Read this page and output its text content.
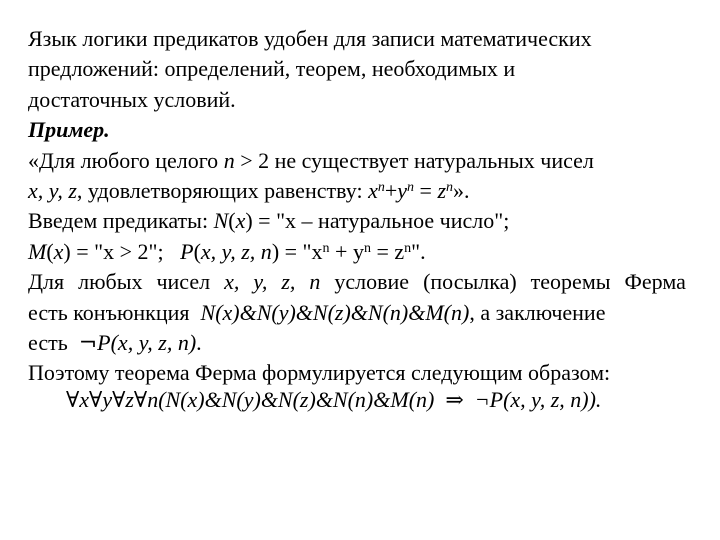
Язык логики предикатов удобен для записи математических
предложений: определений, теорем, необходимых и
достаточных условий.
Пример.
«Для любого целого n > 2 не существует натуральных чисел
x, y, z, удовлетворяющих равенству: $x^n+y^n = z^n$».
Введем предикаты: N(x) = "x – натуральное число";
M(x) = "x > 2";   P(x, y, z, $n) = "x^n + y^n = z^n$".
Для любых чисел x, y, z, n условие (посылка) теоремы Ферма
есть конъюнкция  N(x)&N(y)&N(z)&N(n)&M(n), а заключение
есть  ¬P(x, y, z, n).
Поэтому теорема Ферма формулируется следующим образом:
∀x∀y∀z∀n(N(x)&N(y)&N(z)&N(n)&M(n)  ⇒  ¬P(x, y, z, n)).
